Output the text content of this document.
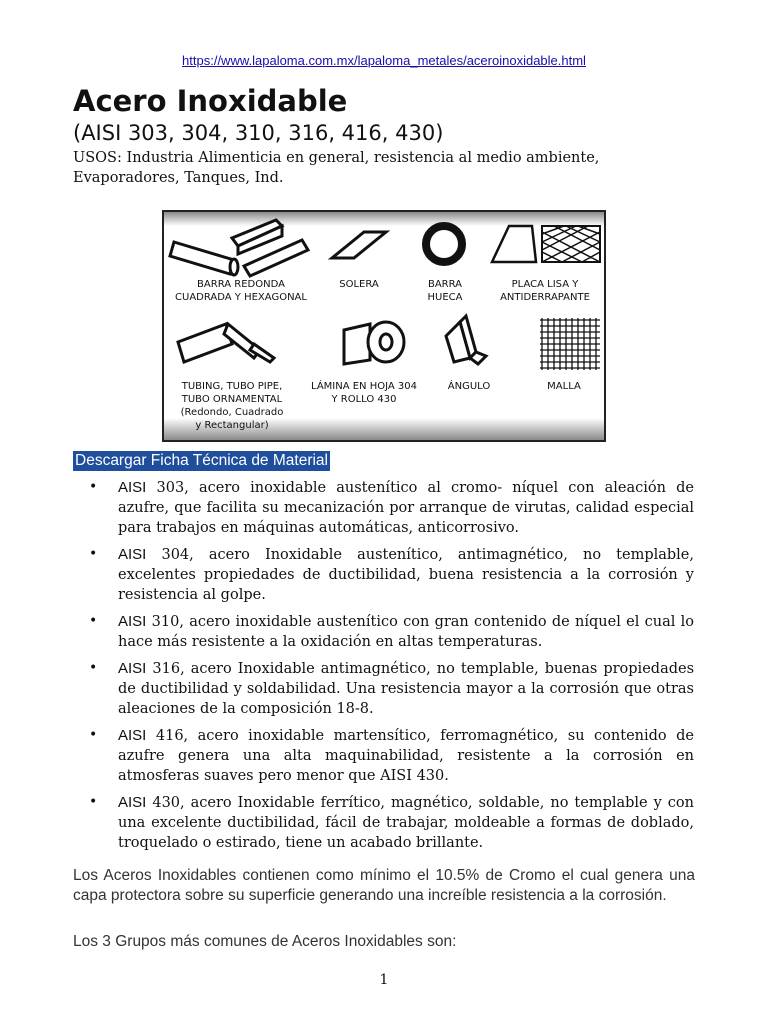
https://www.lapaloma.com.mx/lapaloma_metales/aceroinoxidable.html
Acero Inoxidable
(AISI 303, 304, 310, 316, 416, 430)
USOS: Industria Alimenticia en general, resistencia al medio ambiente, Evaporadores, Tanques, Ind.
BARRA REDONDA
CUADRADA Y HEXAGONAL
SOLERA	BARRA
HUECA
PLACA LISA Y
ANTIDERRAPANTE
TUBING, TUBO PIPE,
TUBO ORNAMENTAL
(Redondo, Cuadrado
y Rectangular)
LÁMINA EN HOJA 304
Y ROLLO 430
ÁNGULO	MALLA
Descargar Ficha Técnica de Material
• AISI 303, acero inoxidable austenítico al cromo- níquel con aleación de azufre, que facilita su mecanización por arranque de virutas, calidad especial para trabajos en máquinas automáticas, anticorrosivo.
• AISI 304, acero Inoxidable austenítico, antimagnético, no templable, excelentes propiedades de ductibilidad, buena resistencia a la corrosión y resistencia al golpe.
• AISI 310, acero inoxidable austenítico con gran contenido de níquel el cual lo hace más resistente a la oxidación en altas temperaturas.
• AISI 316, acero Inoxidable antimagnético, no templable, buenas propiedades de ductibilidad y soldabilidad. Una resistencia mayor a la corrosión que otras aleaciones de la composición 18-8.
• AISI 416, acero inoxidable martensítico, ferromagnético, su contenido de azufre genera una alta maquinabilidad, resistente a la corrosión en atmosferas suaves pero menor que AISI 430.
• AISI 430, acero Inoxidable ferrítico, magnético, soldable, no templable y con una excelente ductibilidad, fácil de trabajar, moldeable a formas de doblado, troquelado o estirado, tiene un acabado brillante.
Los Aceros Inoxidables contienen como mínimo el 10.5% de Cromo el cual genera una capa protectora sobre su superficie generando una increíble resistencia a la corrosión.
Los 3 Grupos más comunes de Aceros Inoxidables son:
1
